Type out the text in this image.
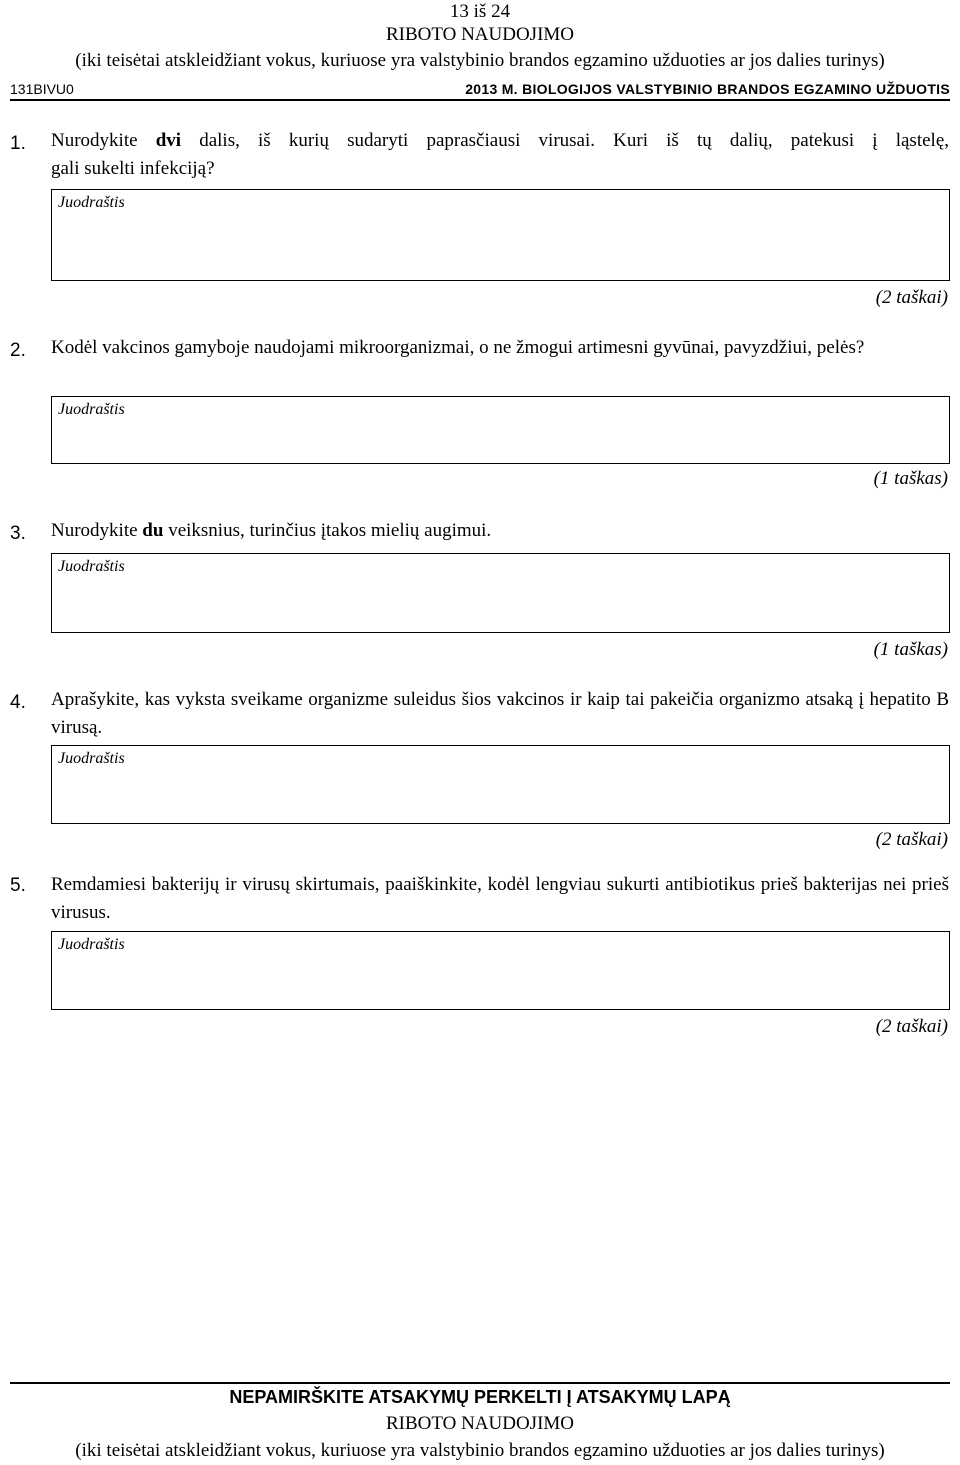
13 iš 24
RIBOTO NAUDOJIMO
(iki teisėtai atskleidžiant vokus, kuriuose yra valstybinio brandos egzamino užduoties ar jos dalies turinys)
131BIVU0	2013 M. BIOLOGIJOS VALSTYBINIO BRANDOS EGZAMINO UŽDUOTIS
1. Nurodykite dvi dalis, iš kurių sudaryti paprasčiausi virusai. Kuri iš tų dalių, patekusi į ląstelę,
gali sukelti infekciją?
Juodraštis
(2 taškai)
2. Kodėl vakcinos gamyboje naudojami mikroorganizmai, o ne žmogui artimesni gyvūnai, pavyzdžiui, pelės?
Juodraštis
(1 taškas)
3. Nurodykite du veiksnius, turinčius įtakos mielių augimui.
Juodraštis
(1 taškas)
4. Aprašykite, kas vyksta sveikame organizme suleidus šios vakcinos ir kaip tai pakeičia organizmo atsaką į hepatito B virusą.
Juodraštis
(2 taškai)
5. Remdamiesi bakterijų ir virusų skirtumais, paaiškinkite, kodėl lengviau sukurti antibiotikus prieš bakterijas nei prieš virusus.
Juodraštis
(2 taškai)
NEPAMIRŠKITE ATSAKYMŲ PERKELTI Į ATSAKYMŲ LAPĄ
RIBOTO NAUDOJIMO
(iki teisėtai atskleidžiant vokus, kuriuose yra valstybinio brandos egzamino užduoties ar jos dalies turinys)
